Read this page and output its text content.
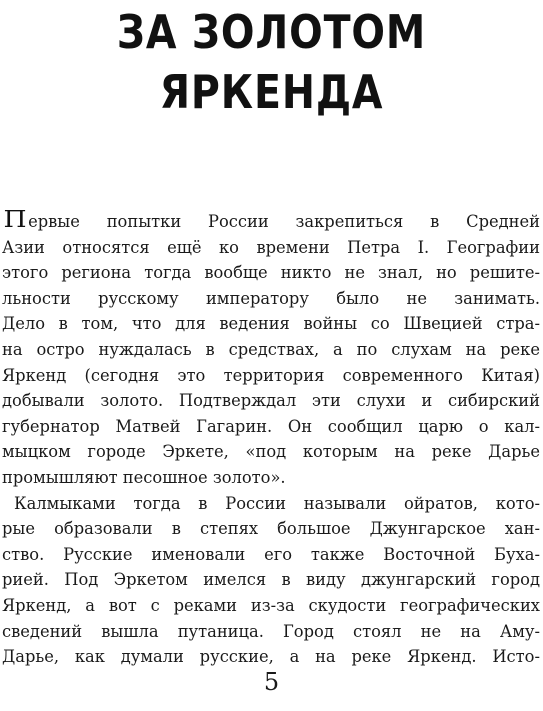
ЗА ЗОЛОТОМ
ЯРКЕНДА
Первые попытки России закрепиться в Средней
Азии относятся ещё ко времени Петра I. Географии
этого региона тогда вообще никто не знал, но решите-
льности русскому императору было не занимать.
Дело в том, что для ведения войны со Швецией стра-
на остро нуждалась в средствах, а по слухам на реке
Яркенд (сегодня это территория современного Китая)
добывали золото. Подтверждал эти слухи и сибирский
губернатор Матвей Гагарин. Он сообщил царю о кал-
мыцком городе Эркете, «под которым на реке Дарье
промышляют песошное золото».
Калмыками тогда в России называли ойратов, кото-
рые образовали в степях большое Джунгарское хан-
ство. Русские именовали его также Восточной Буха-
рией. Под Эркетом имелся в виду джунгарский город
Яркенд, а вот с реками из-за скудости географических
сведений вышла путаница. Город стоял не на Аму-
Дарье, как думали русские, а на реке Яркенд. Исто-
5
